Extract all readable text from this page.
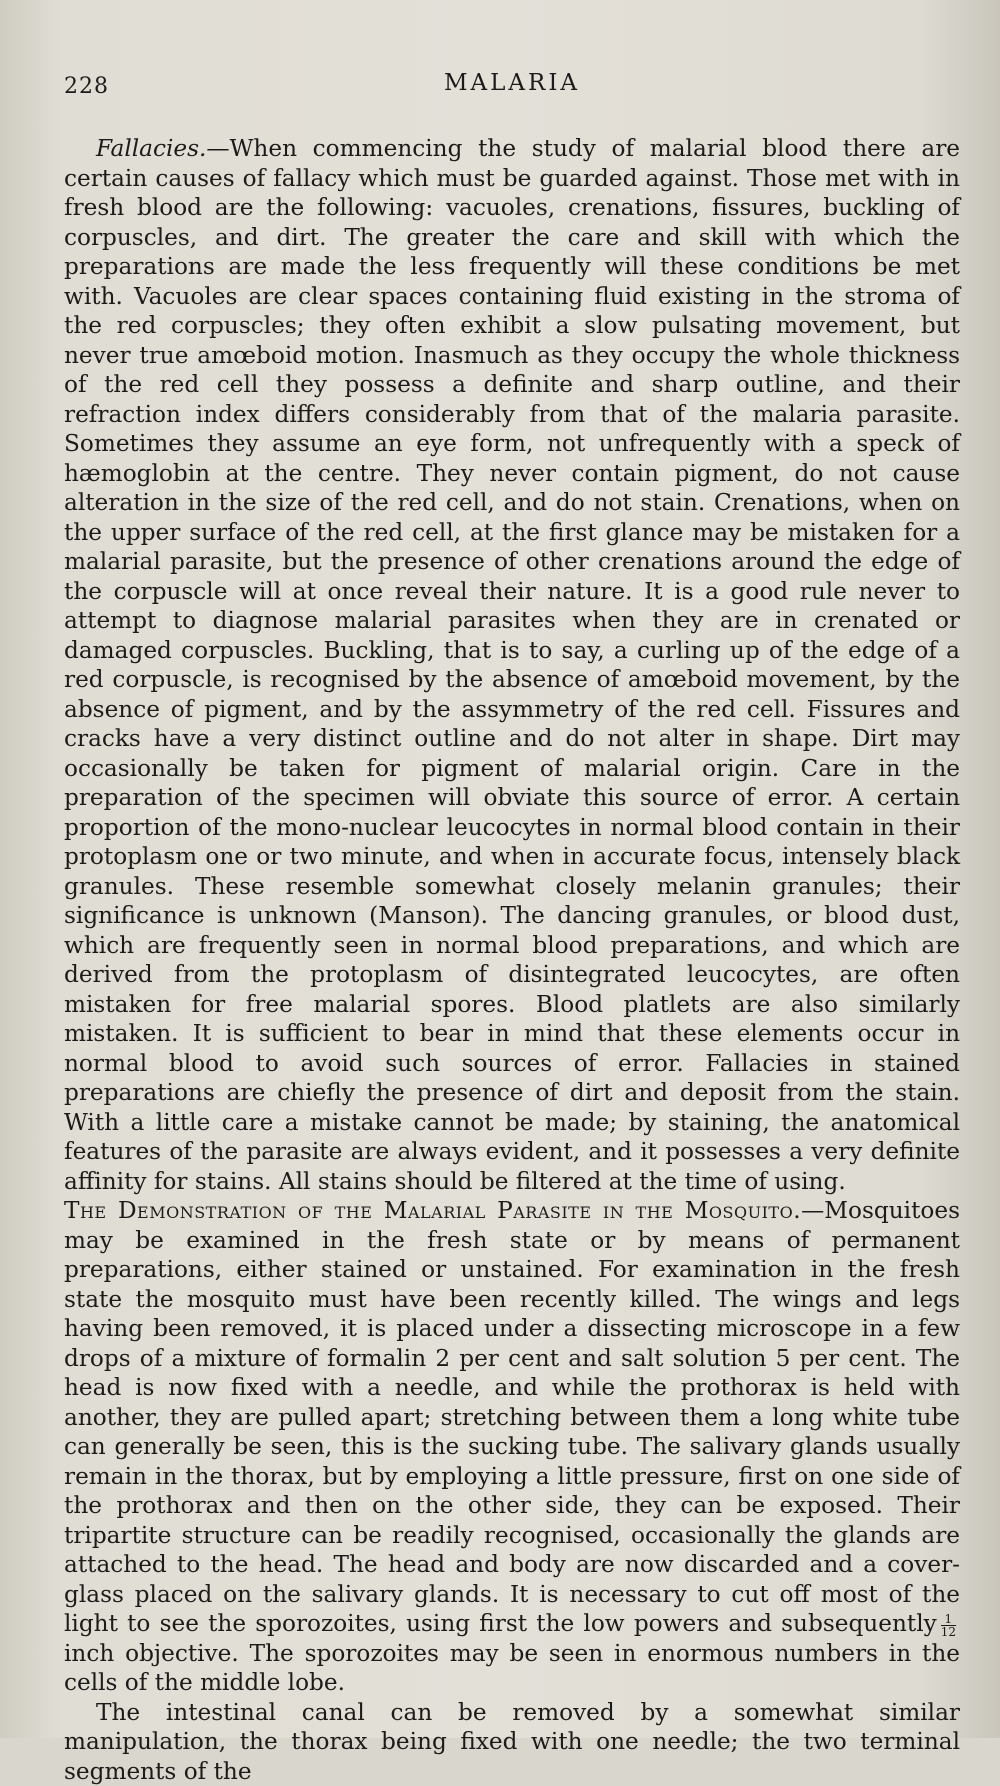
228	MALARIA

Fallacies.—When commencing the study of malarial blood there are certain causes of fallacy which must be guarded against. Those met with in fresh blood are the following: vacuoles, crenations, fissures, buckling of corpuscles, and dirt. The greater the care and skill with which the preparations are made the less frequently will these conditions be met with. Vacuoles are clear spaces containing fluid existing in the stroma of the red corpuscles; they often exhibit a slow pulsating movement, but never true amœboid motion. Inasmuch as they occupy the whole thickness of the red cell they possess a definite and sharp outline, and their refraction index differs considerably from that of the malaria parasite. Sometimes they assume an eye form, not unfrequently with a speck of hæmoglobin at the centre. They never contain pigment, do not cause alteration in the size of the red cell, and do not stain. Crenations, when on the upper surface of the red cell, at the first glance may be mistaken for a malarial parasite, but the presence of other crenations around the edge of the corpuscle will at once reveal their nature. It is a good rule never to attempt to diagnose malarial parasites when they are in crenated or damaged corpuscles. Buckling, that is to say, a curling up of the edge of a red corpuscle, is recognised by the absence of amœboid movement, by the absence of pigment, and by the assymmetry of the red cell. Fissures and cracks have a very distinct outline and do not alter in shape. Dirt may occasionally be taken for pigment of malarial origin. Care in the preparation of the specimen will obviate this source of error. A certain proportion of the mono-nuclear leucocytes in normal blood contain in their protoplasm one or two minute, and when in accurate focus, intensely black granules. These resemble somewhat closely melanin granules; their significance is unknown (Manson). The dancing granules, or blood dust, which are frequently seen in normal blood preparations, and which are derived from the protoplasm of disintegrated leucocytes, are often mistaken for free malarial spores. Blood platlets are also similarly mistaken. It is sufficient to bear in mind that these elements occur in normal blood to avoid such sources of error. Fallacies in stained preparations are chiefly the presence of dirt and deposit from the stain. With a little care a mistake cannot be made; by staining, the anatomical features of the parasite are always evident, and it possesses a very definite affinity for stains. All stains should be filtered at the time of using.

The Demonstration of the Malarial Parasite in the Mosquito.—Mosquitoes may be examined in the fresh state or by means of permanent preparations, either stained or unstained. For examination in the fresh state the mosquito must have been recently killed. The wings and legs having been removed, it is placed under a dissecting microscope in a few drops of a mixture of formalin 2 per cent and salt solution 5 per cent. The head is now fixed with a needle, and while the prothorax is held with another, they are pulled apart; stretching between them a long white tube can generally be seen, this is the sucking tube. The salivary glands usually remain in the thorax, but by employing a little pressure, first on one side of the prothorax and then on the other side, they can be exposed. Their tripartite structure can be readily recognised, occasionally the glands are attached to the head. The head and body are now discarded and a cover-glass placed on the salivary glands. It is necessary to cut off most of the light to see the sporozoites, using first the low powers and subsequently $\frac{1}{12}$
inch objective. The sporozoites may be seen in enormous numbers in the cells of the middle lobe.

The intestinal canal can be removed by a somewhat similar manipulation, the thorax being fixed with one needle; the two terminal segments of the
